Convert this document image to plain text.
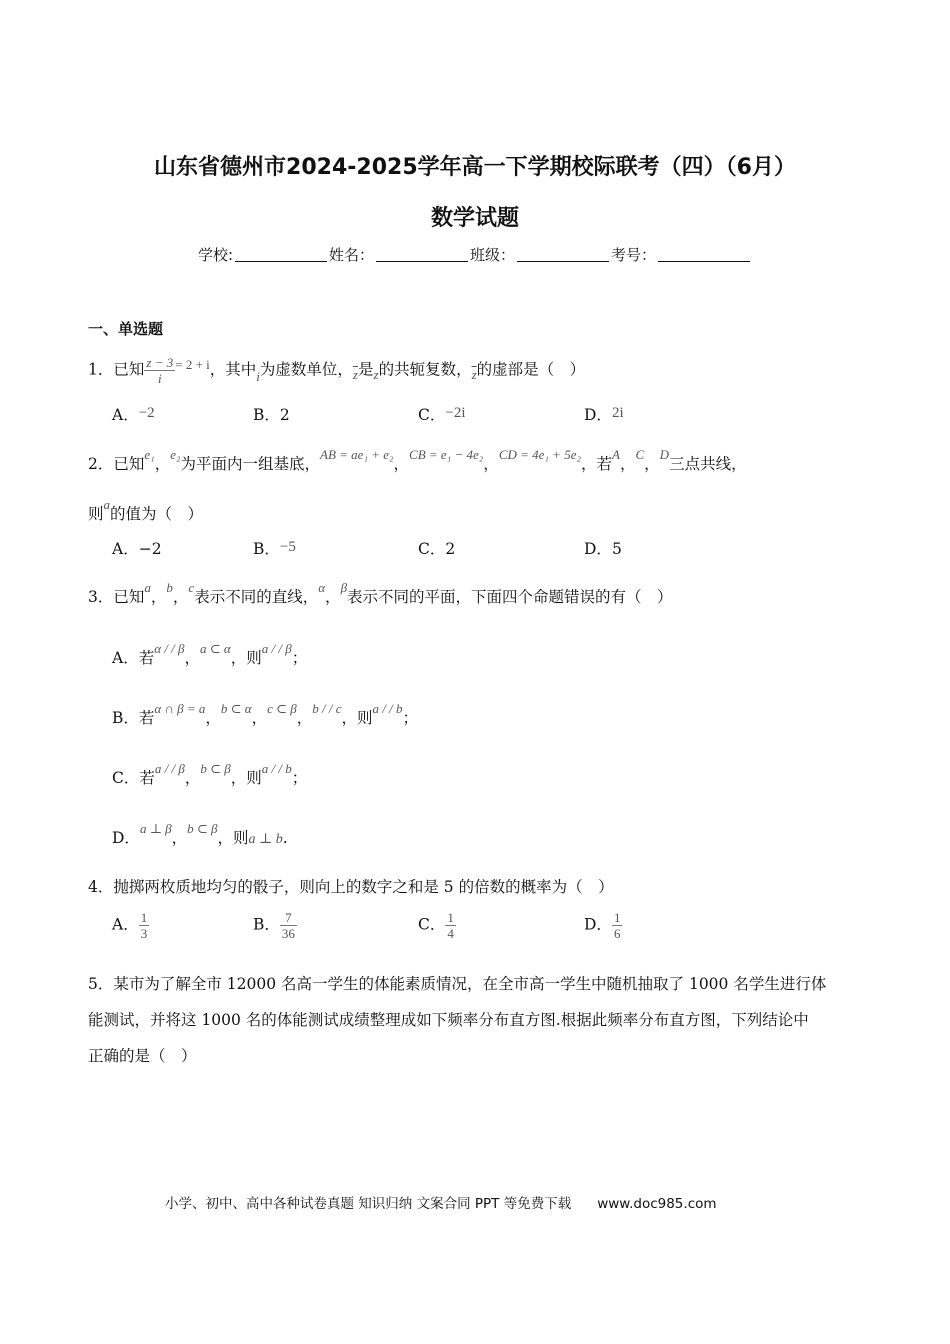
山东省德州市2024-2025学年高一下学期校际联考（四）（6月）
数学试题
学校:	姓名：	班级：	考号：
一、单选题
1．已知 $\frac{z - 3}{i} ^{= 2 + i}$，其中$_i$为虚数单位，$_{\overline{z}}$是$_z$的共轭复数，$_{\overline{z}}$的虚部是（　）
A．−2	B．2	C．−2i	D．2i
2．已知$^{e_1}$，$^{e_2}$为平面内一组基底，$^{AB = ae_1 + e_2}$，$^{CB = e_1 - 4e_2}$，$^{CD = 4e_1 + 5e_2}$，若$^A$，$^C$，$^D$三点共线，
则$^a$的值为（　）
A．−2	B．−5	C．2	D．5
3．已知$^a$，$^b$，$^c$表示不同的直线，$^\alpha$，$^\beta$表示不同的平面，下面四个命题错误的有（　）
A．若$^{\alpha / / \beta}$，$^{a \subset \alpha}$，则$^{a / / \beta}$；
B．若$^{\alpha \cap \beta = a}$，$^{b \subset \alpha}$，$^{c \subset \beta}$，$^{b / / c}$，则$^{a / / b}$；
C．若$^{a / / \beta}$，$^{b \subset \beta}$，则$^{a / / b}$；
D．$^{a \perp \beta}$，$^{b \subset \beta}$，则a ⊥ b.
4．抛掷两枚质地均匀的骰子，则向上的数字之和是 5 的倍数的概率为（　）
A． $\frac{1}{3}$	B． $\frac{7}{36}$	C． $\frac{1}{4}$	D． $\frac{1}{6}$
5．某市为了解全市 12000 名高一学生的体能素质情况，在全市高一学生中随机抽取了 1000 名学生进行体
能测试，并将这 1000 名的体能测试成绩整理成如下频率分布直方图.根据此频率分布直方图，下列结论中
正确的是（　）
小学、初中、高中各种试卷真题 知识归纳 文案合同 PPT 等免费下载 www.doc985.com
